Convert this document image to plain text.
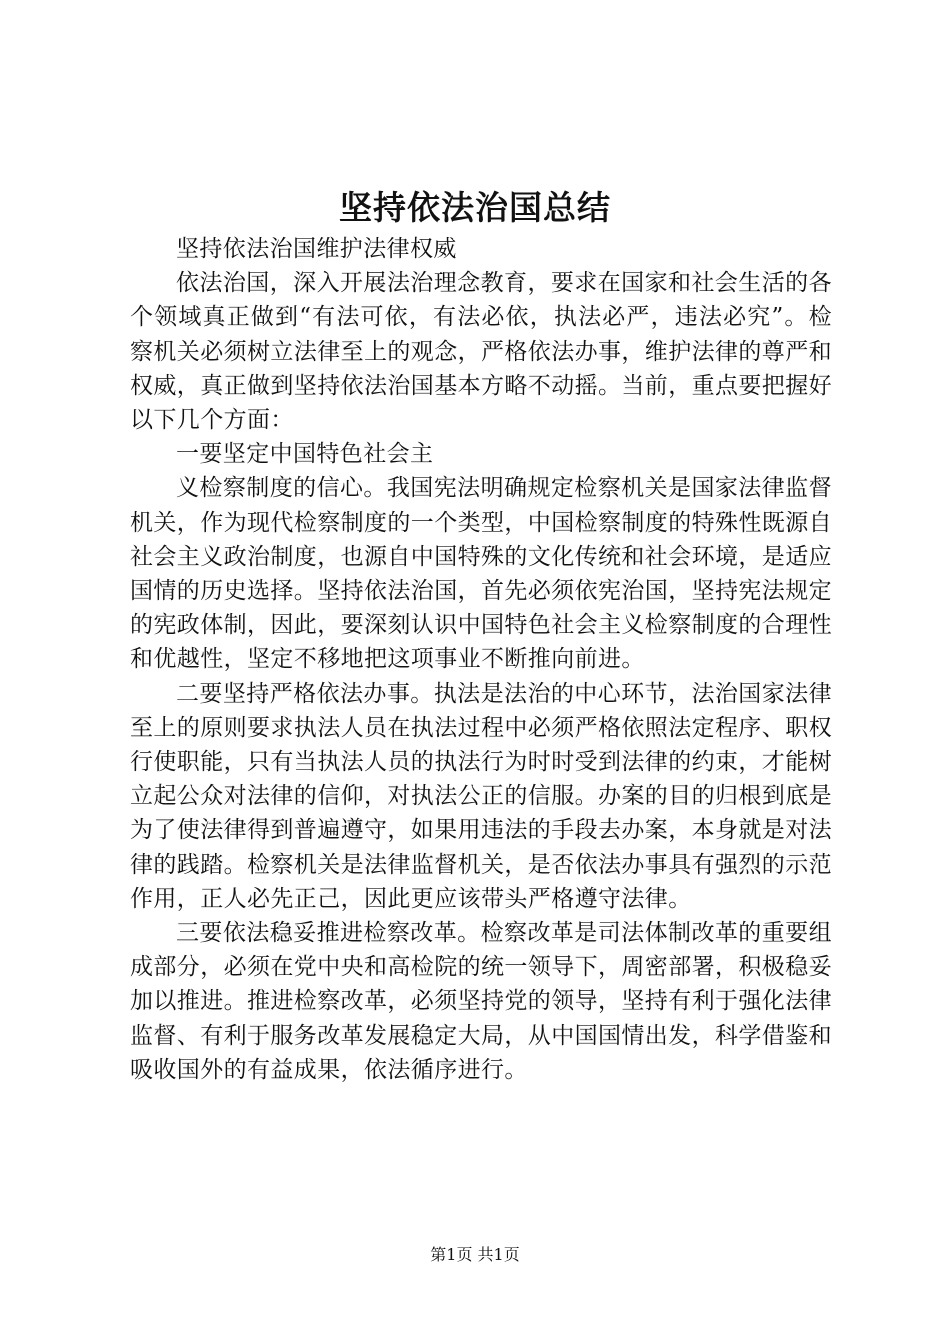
坚持依法治国总结

坚持依法治国维护法律权威

依法治国，深入开展法治理念教育，要求在国家和社会生活的各个领域真正做到“有法可依，有法必依，执法必严，违法必究”。检察机关必须树立法律至上的观念，严格依法办事，维护法律的尊严和权威，真正做到坚持依法治国基本方略不动摇。当前，重点要把握好以下几个方面：

一要坚定中国特色社会主

义检察制度的信心。我国宪法明确规定检察机关是国家法律监督机关，作为现代检察制度的一个类型，中国检察制度的特殊性既源自社会主义政治制度，也源自中国特殊的文化传统和社会环境，是适应国情的历史选择。坚持依法治国，首先必须依宪治国，坚持宪法规定的宪政体制，因此，要深刻认识中国特色社会主义检察制度的合理性和优越性，坚定不移地把这项事业不断推向前进。

二要坚持严格依法办事。执法是法治的中心环节，法治国家法律至上的原则要求执法人员在执法过程中必须严格依照法定程序、职权行使职能，只有当执法人员的执法行为时时受到法律的约束，才能树立起公众对法律的信仰，对执法公正的信服。办案的目的归根到底是为了使法律得到普遍遵守，如果用违法的手段去办案，本身就是对法律的践踏。检察机关是法律监督机关，是否依法办事具有强烈的示范作用，正人必先正己，因此更应该带头严格遵守法律。

三要依法稳妥推进检察改革。检察改革是司法体制改革的重要组成部分，必须在党中央和高检院的统一领导下，周密部署，积极稳妥加以推进。推进检察改革，必须坚持党的领导，坚持有利于强化法律监督、有利于服务改革发展稳定大局，从中国国情出发，科学借鉴和吸收国外的有益成果，依法循序进行。

第1页 共1页
